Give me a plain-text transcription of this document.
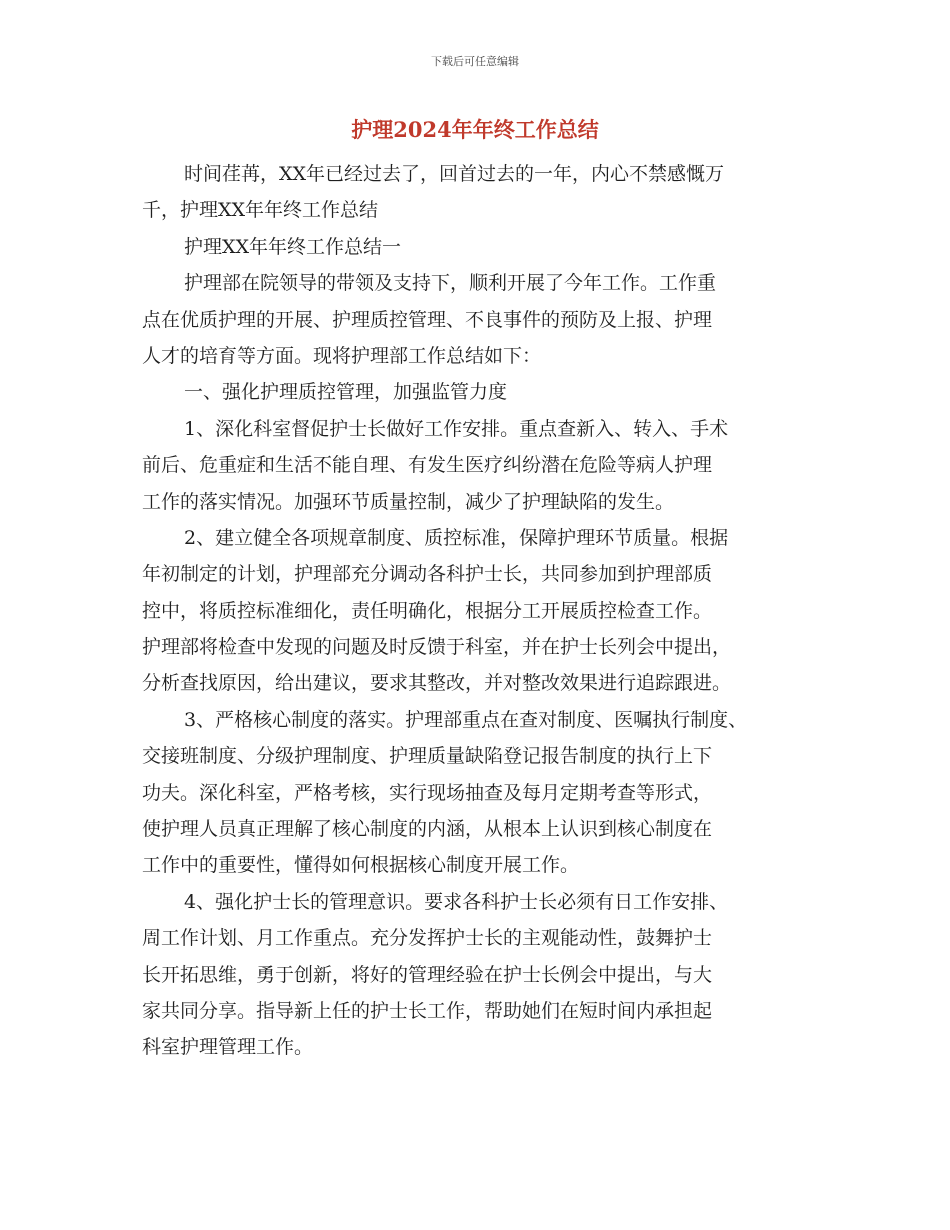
下载后可任意编辑
护理2024年年终工作总结
时间荏苒，XX年已经过去了，回首过去的一年，内心不禁感慨万
千，护理XX年年终工作总结
护理XX年年终工作总结一
护理部在院领导的带领及支持下，顺利开展了今年工作。工作重
点在优质护理的开展、护理质控管理、不良事件的预防及上报、护理
人才的培育等方面。现将护理部工作总结如下：
一、强化护理质控管理，加强监管力度
1、深化科室督促护士长做好工作安排。重点查新入、转入、手术
前后、危重症和生活不能自理、有发生医疗纠纷潜在危险等病人护理
工作的落实情况。加强环节质量控制，减少了护理缺陷的发生。
2、建立健全各项规章制度、质控标准，保障护理环节质量。根据
年初制定的计划，护理部充分调动各科护士长，共同参加到护理部质
控中，将质控标准细化，责任明确化，根据分工开展质控检查工作。
护理部将检查中发现的问题及时反馈于科室，并在护士长列会中提出，
分析查找原因，给出建议，要求其整改，并对整改效果进行追踪跟进。
3、严格核心制度的落实。护理部重点在查对制度、医嘱执行制度、
交接班制度、分级护理制度、护理质量缺陷登记报告制度的执行上下
功夫。深化科室，严格考核，实行现场抽查及每月定期考查等形式，
使护理人员真正理解了核心制度的内涵，从根本上认识到核心制度在
工作中的重要性，懂得如何根据核心制度开展工作。
4、强化护士长的管理意识。要求各科护士长必须有日工作安排、
周工作计划、月工作重点。充分发挥护士长的主观能动性，鼓舞护士
长开拓思维，勇于创新，将好的管理经验在护士长例会中提出，与大
家共同分享。指导新上任的护士长工作，帮助她们在短时间内承担起
科室护理管理工作。
